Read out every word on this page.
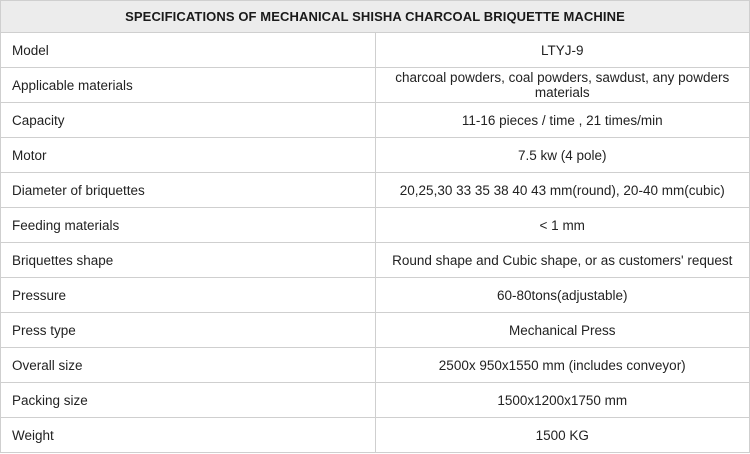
SPECIFICATIONS OF MECHANICAL SHISHA CHARCOAL BRIQUETTE MACHINE	
Model	LTYJ-9
Applicable materials	charcoal powders, coal powders, sawdust, any powders materials
Capacity	11-16 pieces / time , 21 times/min
Motor	7.5 kw (4 pole)
Diameter of briquettes	20,25,30 33 35 38 40 43 mm(round), 20-40 mm(cubic)
Feeding materials	< 1 mm
Briquettes shape	Round shape and Cubic shape, or as customers' request
Pressure	60-80tons(adjustable)
Press type	Mechanical Press
Overall size	2500x 950x1550 mm (includes conveyor)
Packing size	1500x1200x1750 mm
Weight	1500 KG
